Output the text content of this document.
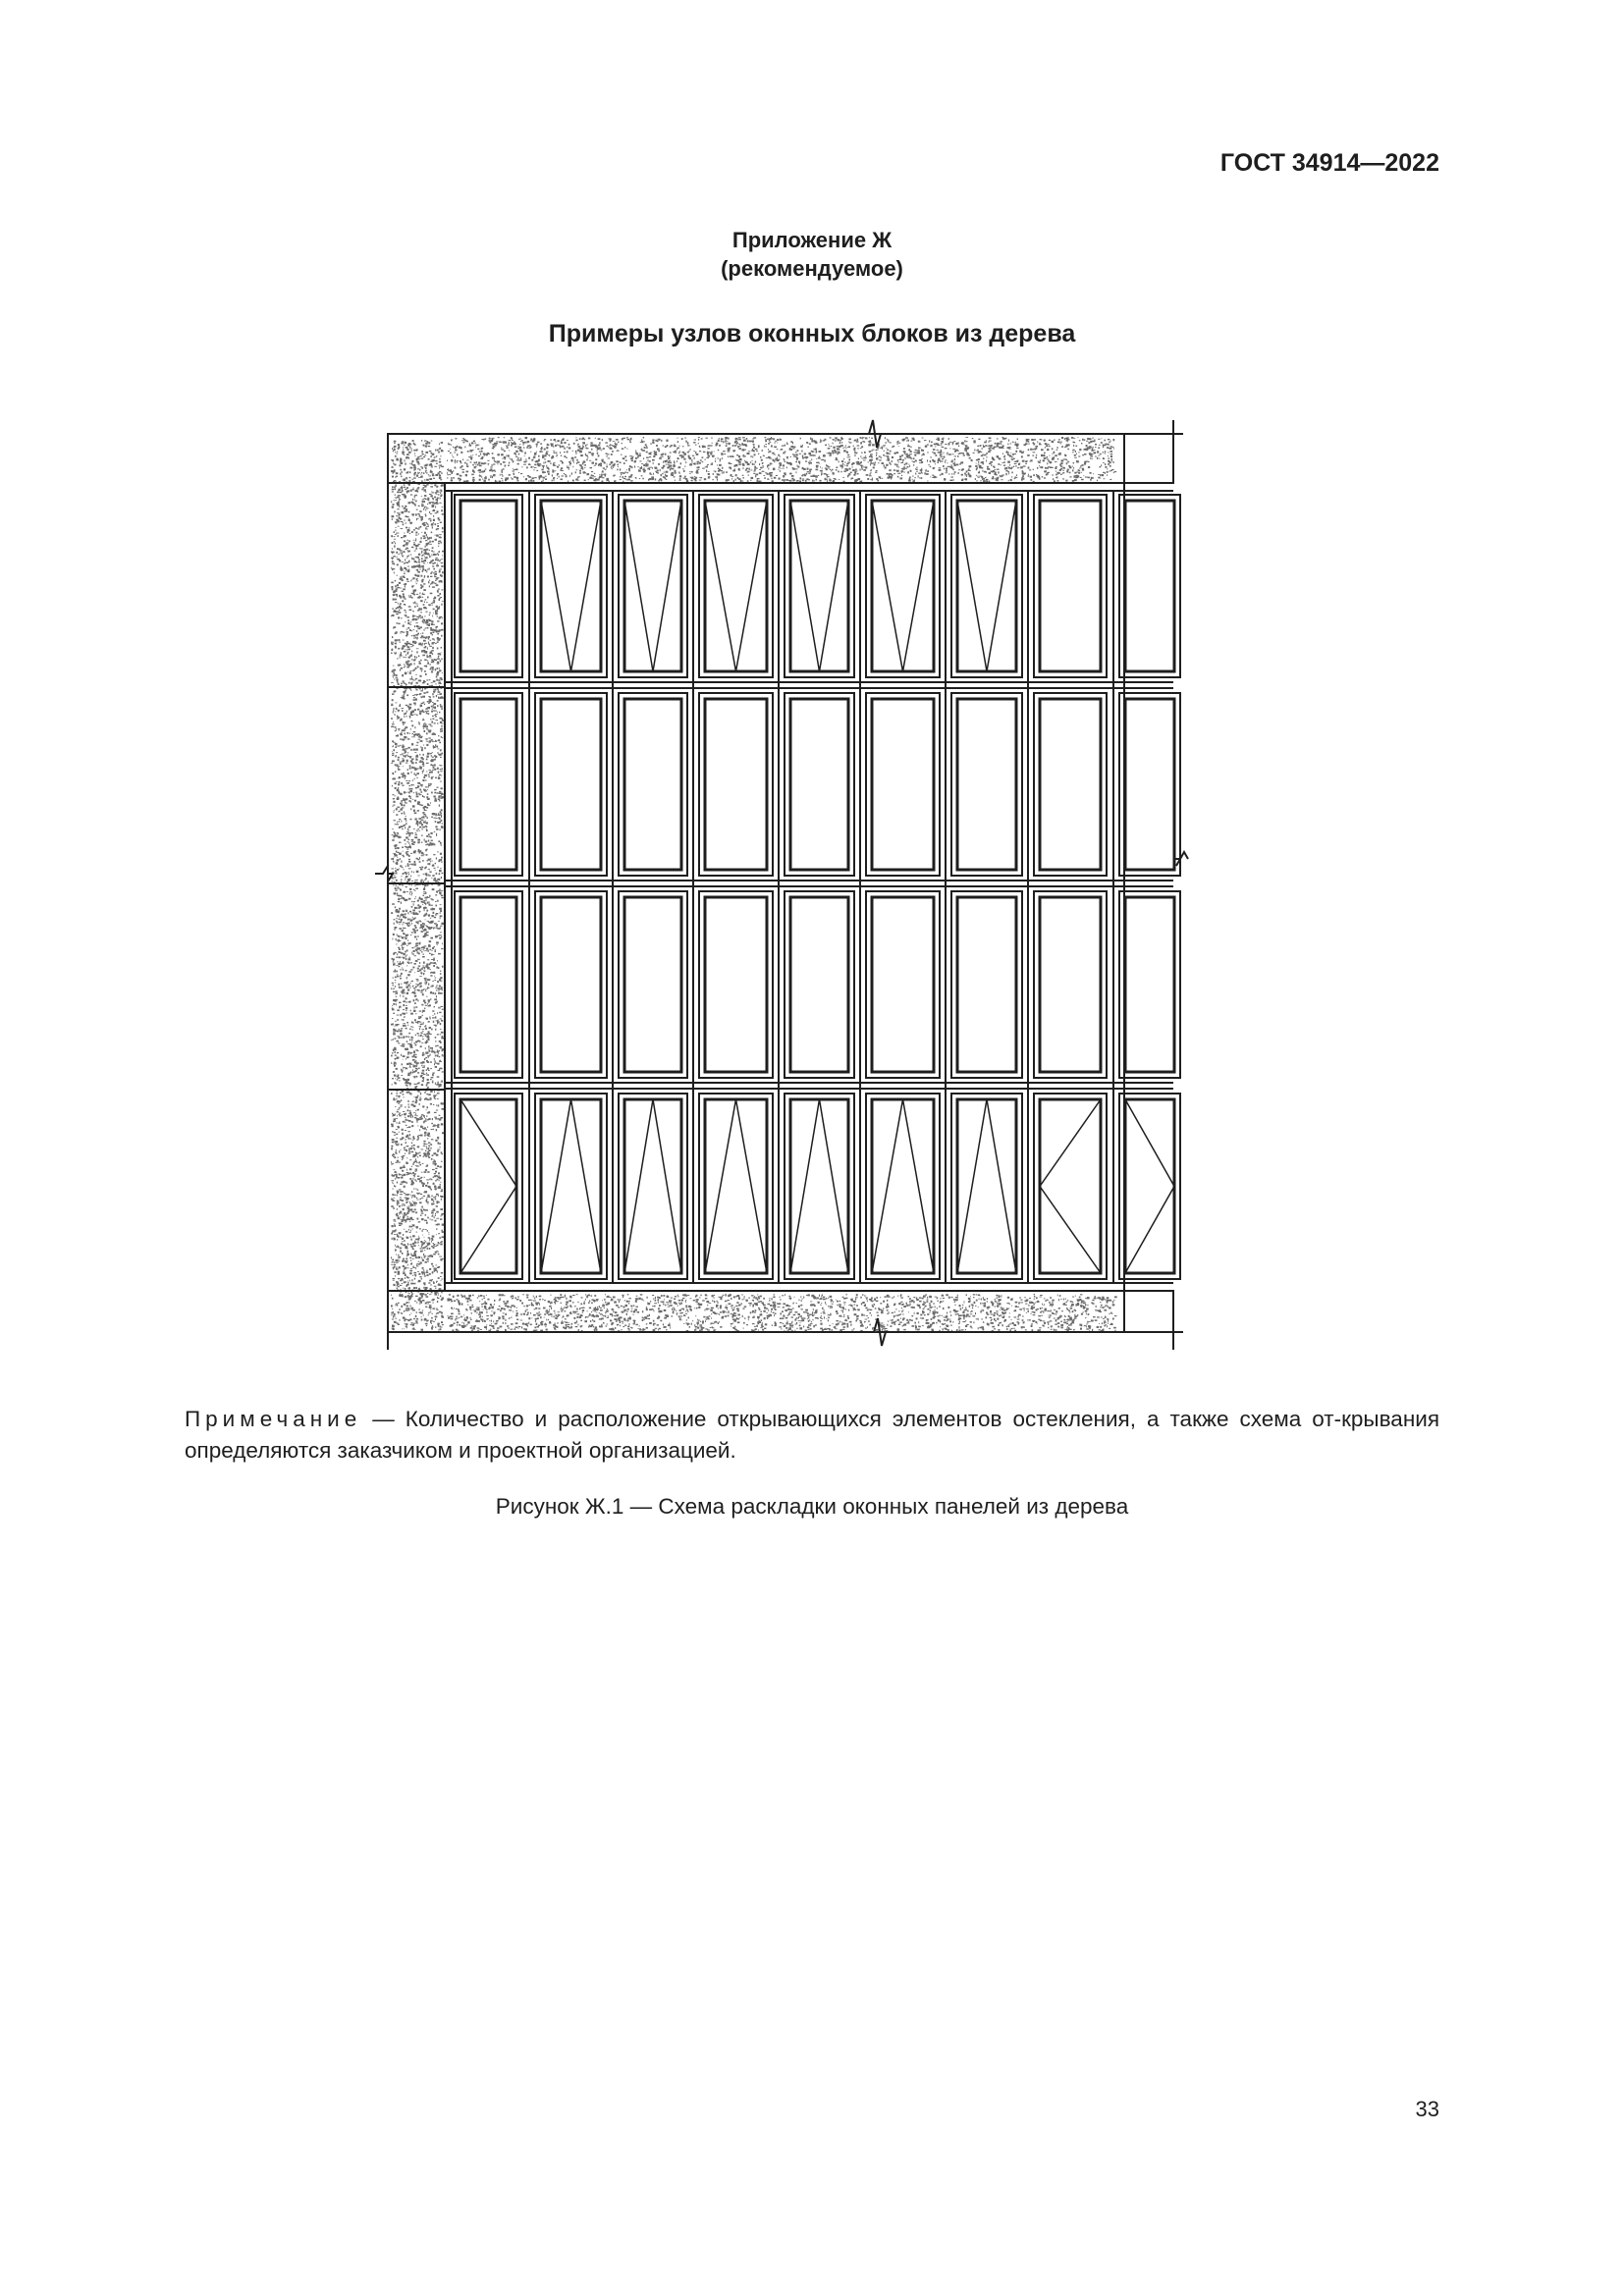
ГОСТ 34914—2022

Приложение Ж
(рекомендуемое)

Примеры узлов оконных блоков из дерева

Примечание — Количество и расположение открывающихся элементов остекления, а также схема от-крывания определяются заказчиком и проектной организацией.

Рисунок Ж.1 — Схема раскладки оконных панелей из дерева

33
